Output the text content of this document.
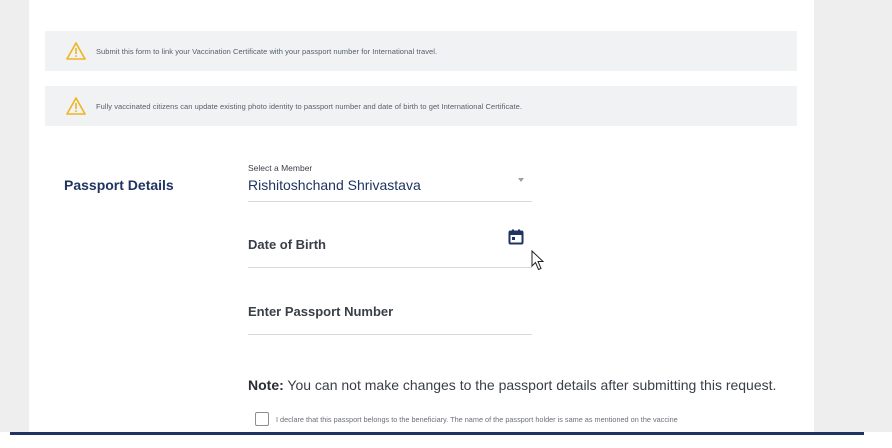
Submit this form to link your Vaccination Certificate with your passport number for International travel.
Fully vaccinated citizens can update existing photo identity to passport number and date of birth to get International Certificate.
Passport Details
Select a Member
Rishitoshchand Shrivastava
Date of Birth
Enter Passport Number
Note: You can not make changes to the passport details after submitting this request.
I declare that this passport belongs to the beneficiary. The name of the passport holder is same as mentioned on the vaccine
